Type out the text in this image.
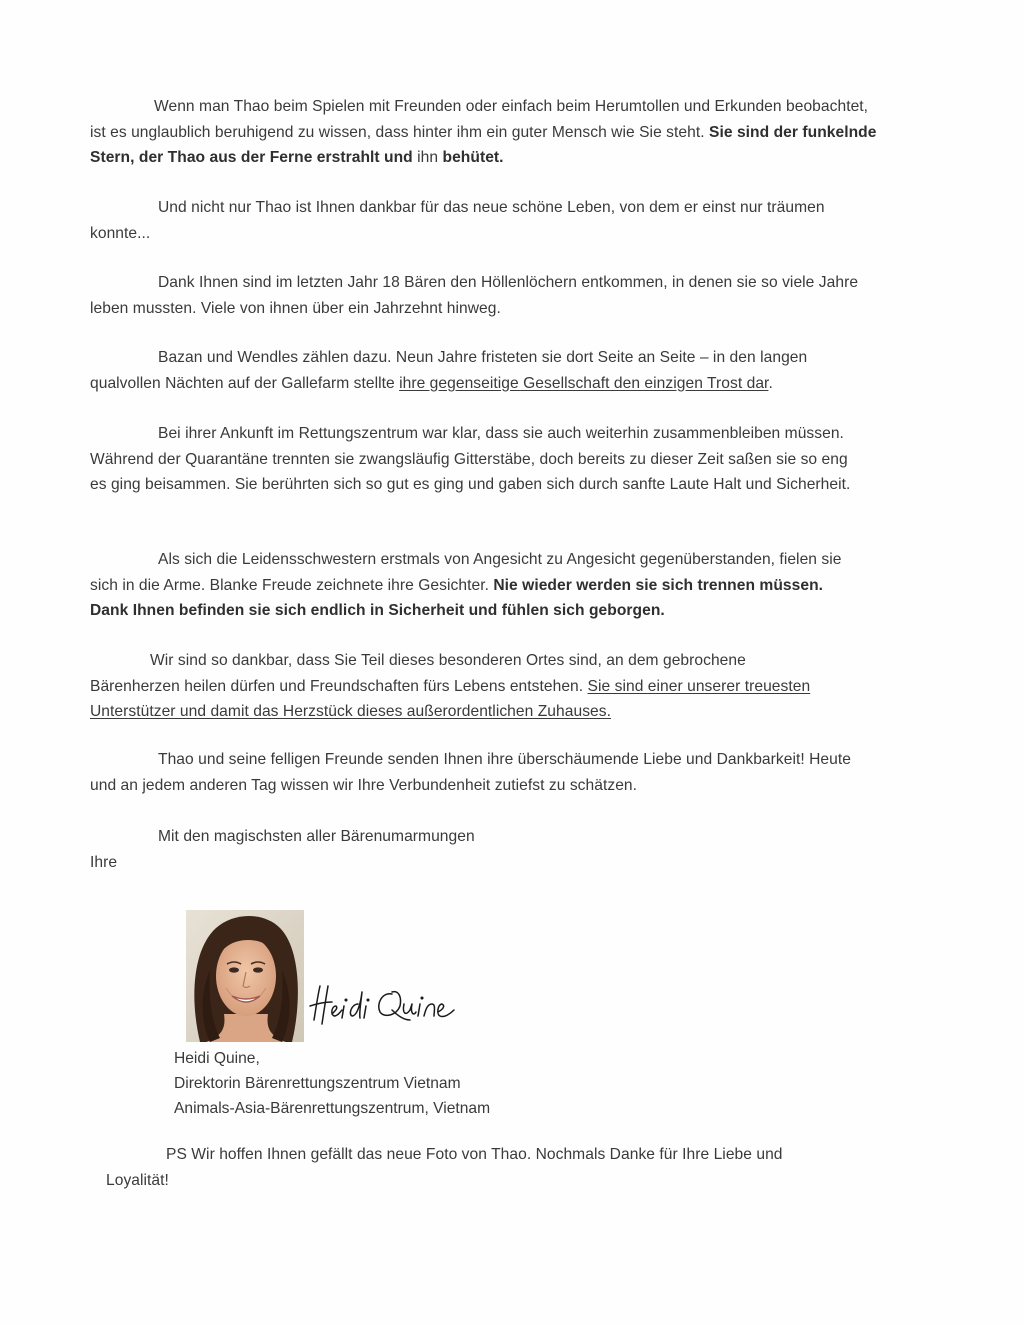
Wenn man Thao beim Spielen mit Freunden oder einfach beim Herumtollen und Erkunden beobachtet, ist es unglaublich beruhigend zu wissen, dass hinter ihm ein guter Mensch wie Sie steht. Sie sind der funkelnde Stern, der Thao aus der Ferne erstrahlt und ihn behütet.

Und nicht nur Thao ist Ihnen dankbar für das neue schöne Leben, von dem er einst nur träumen konnte...

Dank Ihnen sind im letzten Jahr 18 Bären den Höllenlöchern entkommen, in denen sie so viele Jahre leben mussten. Viele von ihnen über ein Jahrzehnt hinweg.

Bazan und Wendles zählen dazu. Neun Jahre fristeten sie dort Seite an Seite – in den langen qualvollen Nächten auf der Gallefarm stellte ihre gegenseitige Gesellschaft den einzigen Trost dar.

Bei ihrer Ankunft im Rettungszentrum war klar, dass sie auch weiterhin zusammenbleiben müssen. Während der Quarantäne trennten sie zwangsläufig Gitterstäbe, doch bereits zu dieser Zeit saßen sie so eng es ging beisammen. Sie berührten sich so gut es ging und gaben sich durch sanfte Laute Halt und Sicherheit.

Als sich die Leidensschwestern erstmals von Angesicht zu Angesicht gegenüberstanden, fielen sie sich in die Arme. Blanke Freude zeichnete ihre Gesichter. Nie wieder werden sie sich trennen müssen. Dank Ihnen befinden sie sich endlich in Sicherheit und fühlen sich geborgen.

Wir sind so dankbar, dass Sie Teil dieses besonderen Ortes sind, an dem gebrochene Bärenherzen heilen dürfen und Freundschaften fürs Lebens entstehen. Sie sind einer unserer treuesten Unterstützer und damit das Herzstück dieses außerordentlichen Zuhauses.

Thao und seine felligen Freunde senden Ihnen ihre überschäumende Liebe und Dankbarkeit! Heute und an jedem anderen Tag wissen wir Ihre Verbundenheit zutiefst zu schätzen.

Mit den magischsten aller Bärenumarmungen

Ihre

Heidi Quine,
Direktorin Bärenrettungszentrum Vietnam
Animals-Asia-Bärenrettungszentrum, Vietnam

PS Wir hoffen Ihnen gefällt das neue Foto von Thao. Nochmals Danke für Ihre Liebe und Loyalität!
